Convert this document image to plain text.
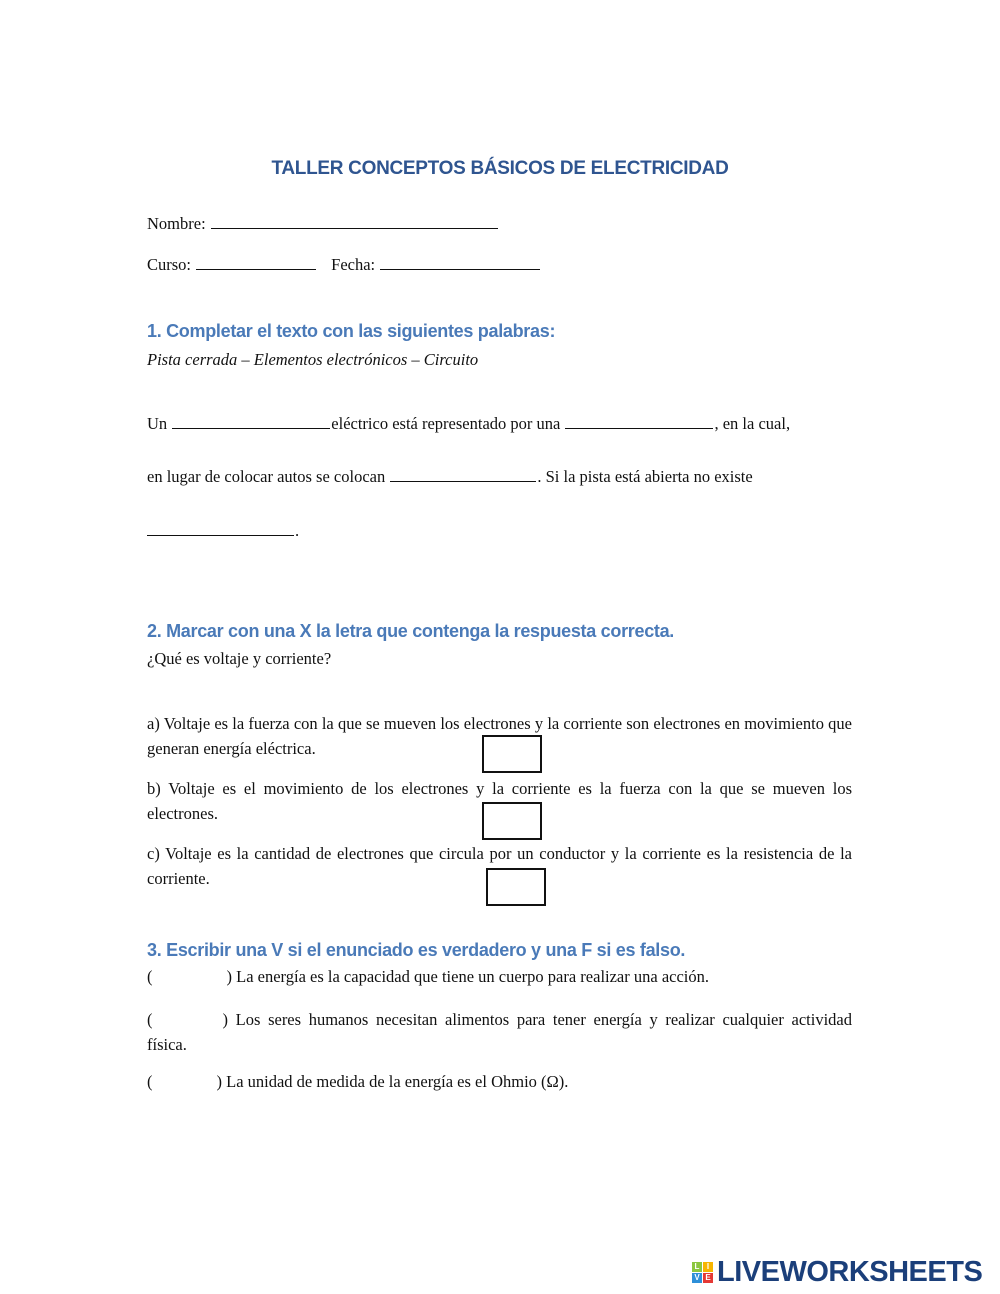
TALLER CONCEPTOS BÁSICOS DE ELECTRICIDAD
Nombre:
Curso:	Fecha:
1. Completar el texto con las siguientes palabras:
Pista cerrada – Elementos electrónicos – Circuito
Un	eléctrico está representado por una	, en la cual,
en lugar de colocar autos se colocan	. Si la pista está abierta no existe
.
2. Marcar con una X la letra que contenga la respuesta correcta.
¿Qué es voltaje y corriente?
a) Voltaje es la fuerza con la que se mueven los electrones y la corriente son electrones en movimiento que generan energía eléctrica.
b) Voltaje es el movimiento de los electrones y la corriente es la fuerza con la que se mueven los electrones.
c) Voltaje es la cantidad de electrones que circula por un conductor y la corriente es la resistencia de la corriente.
3. Escribir una V si el enunciado es verdadero y una F si es falso.
(	) La energía es la capacidad que tiene un cuerpo para realizar una acción.
(	) Los seres humanos necesitan alimentos para tener energía y realizar cualquier actividad física.
(	) La unidad de medida de la energía es el Ohmio (Ω).
L I
V E LIVEWORKSHEETS
